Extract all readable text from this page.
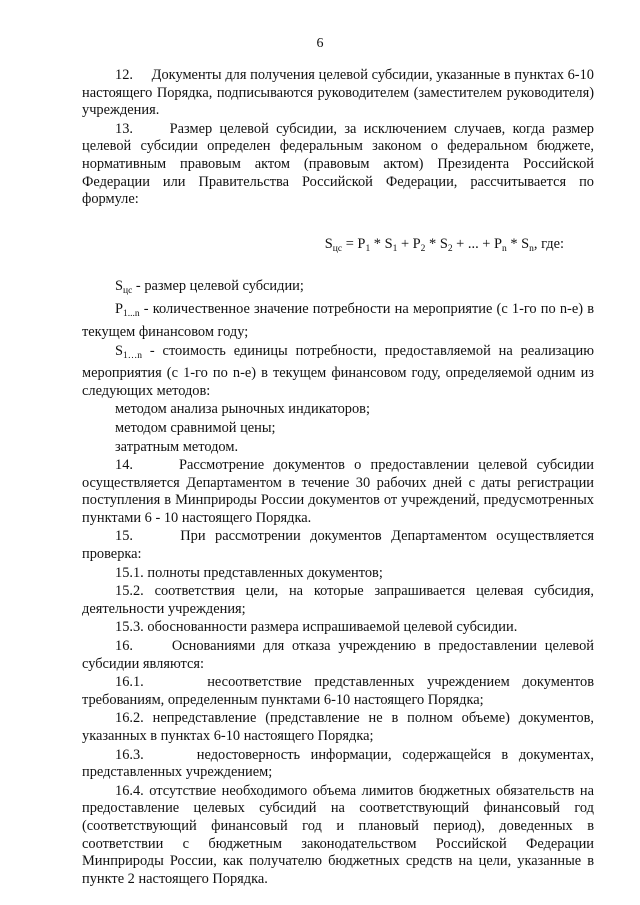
6

12.     Документы для получения целевой субсидии, указанные в пунктах 6-10 настоящего Порядка, подписываются руководителем (заместителем руководителя) учреждения.

13.     Размер целевой субсидии, за исключением случаев, когда размер целевой субсидии определен федеральным законом о федеральном бюджете, нормативным правовым актом (правовым актом) Президента Российской Федерации или Правительства Российской Федерации, рассчитывается по формуле:

$S_{цс} = P_1 * S_1 + P_2 * S_2$ + ... + $P_n * S_n$, где:

$S_{цс}$ - размер целевой субсидии;

$P_{1...n}$ - количественное значение потребности на мероприятие (с 1-го по n-е) в текущем финансовом году;

$S_{1\dots n}$ - стоимость единицы потребности, предоставляемой на реализацию мероприятия (с 1-го по n-е) в текущем финансовом году, определяемой одним из следующих методов:

методом анализа рыночных индикаторов;

методом сравнимой цены;

затратным методом.

14.     Рассмотрение документов о предоставлении целевой субсидии осуществляется Департаментом в течение 30 рабочих дней с даты регистрации поступления в Минприроды России документов от учреждений, предусмотренных пунктами 6 - 10 настоящего Порядка.

15.     При рассмотрении документов Департаментом осуществляется проверка:

15.1. полноты представленных документов;

15.2. соответствия цели, на которые запрашивается целевая субсидия, деятельности учреждения;

15.3. обоснованности размера испрашиваемой целевой субсидии.

16.     Основаниями для отказа учреждению в предоставлении целевой субсидии являются:

16.1.     несоответствие представленных учреждением документов требованиям, определенным пунктами 6-10 настоящего Порядка;

16.2. непредставление (представление не в полном объеме) документов, указанных в пунктах 6-10 настоящего Порядка;

16.3.     недостоверность информации, содержащейся в документах, представленных учреждением;

16.4. отсутствие необходимого объема лимитов бюджетных обязательств на предоставление целевых субсидий на соответствующий финансовый год (соответствующий финансовый год и плановый период), доведенных в соответствии с бюджетным законодательством Российской Федерации Минприроды России, как получателю бюджетных средств на цели, указанные в пункте 2 настоящего Порядка.
